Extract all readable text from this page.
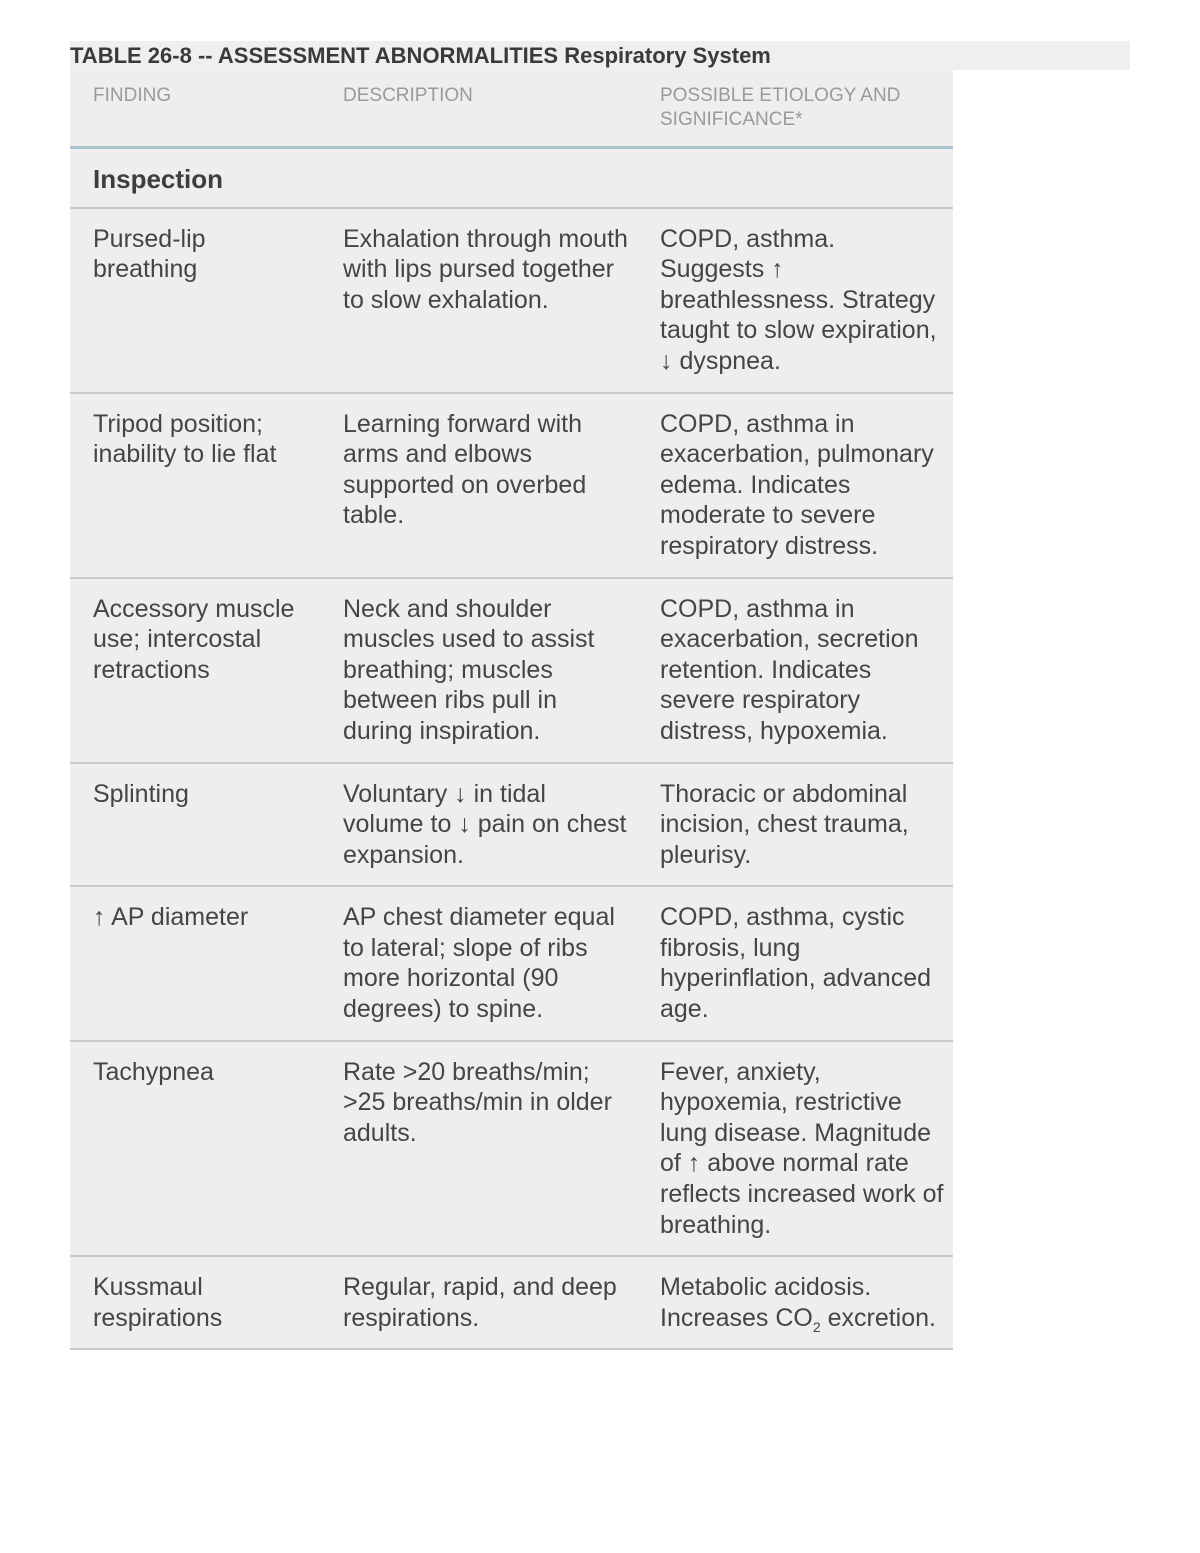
TABLE 26-8 -- ASSESSMENT ABNORMALITIES Respiratory System
FINDING	DESCRIPTION	POSSIBLE ETIOLOGY AND
SIGNIFICANCE*
Inspection		
Pursed-lip breathing	Exhalation through mouth with lips pursed together to slow exhalation.	COPD, asthma. Suggests ↑ breathlessness. Strategy taught to slow expiration, ↓ dyspnea.
Tripod position; inability to lie flat	Learning forward with arms and elbows supported on overbed table.	COPD, asthma in exacerbation, pulmonary edema. Indicates moderate to severe respiratory distress.
Accessory muscle use; intercostal retractions	Neck and shoulder muscles used to assist breathing; muscles between ribs pull in during inspiration.	COPD, asthma in exacerbation, secretion retention. Indicates severe respiratory distress, hypoxemia.
Splinting	Voluntary ↓ in tidal volume to ↓ pain on chest expansion.	Thoracic or abdominal incision, chest trauma, pleurisy.
↑ AP diameter	AP chest diameter equal to lateral; slope of ribs more horizontal (90 degrees) to spine.	COPD, asthma, cystic fibrosis, lung hyperinflation, advanced age.
Tachypnea	Rate >20 breaths/min; >25 breaths/min in older adults.	Fever, anxiety, hypoxemia, restrictive lung disease. Magnitude of ↑ above normal rate reflects increased work of breathing.
Kussmaul respirations	Regular, rapid, and deep respirations.	Metabolic acidosis. Increases $CO_2$ excretion.
